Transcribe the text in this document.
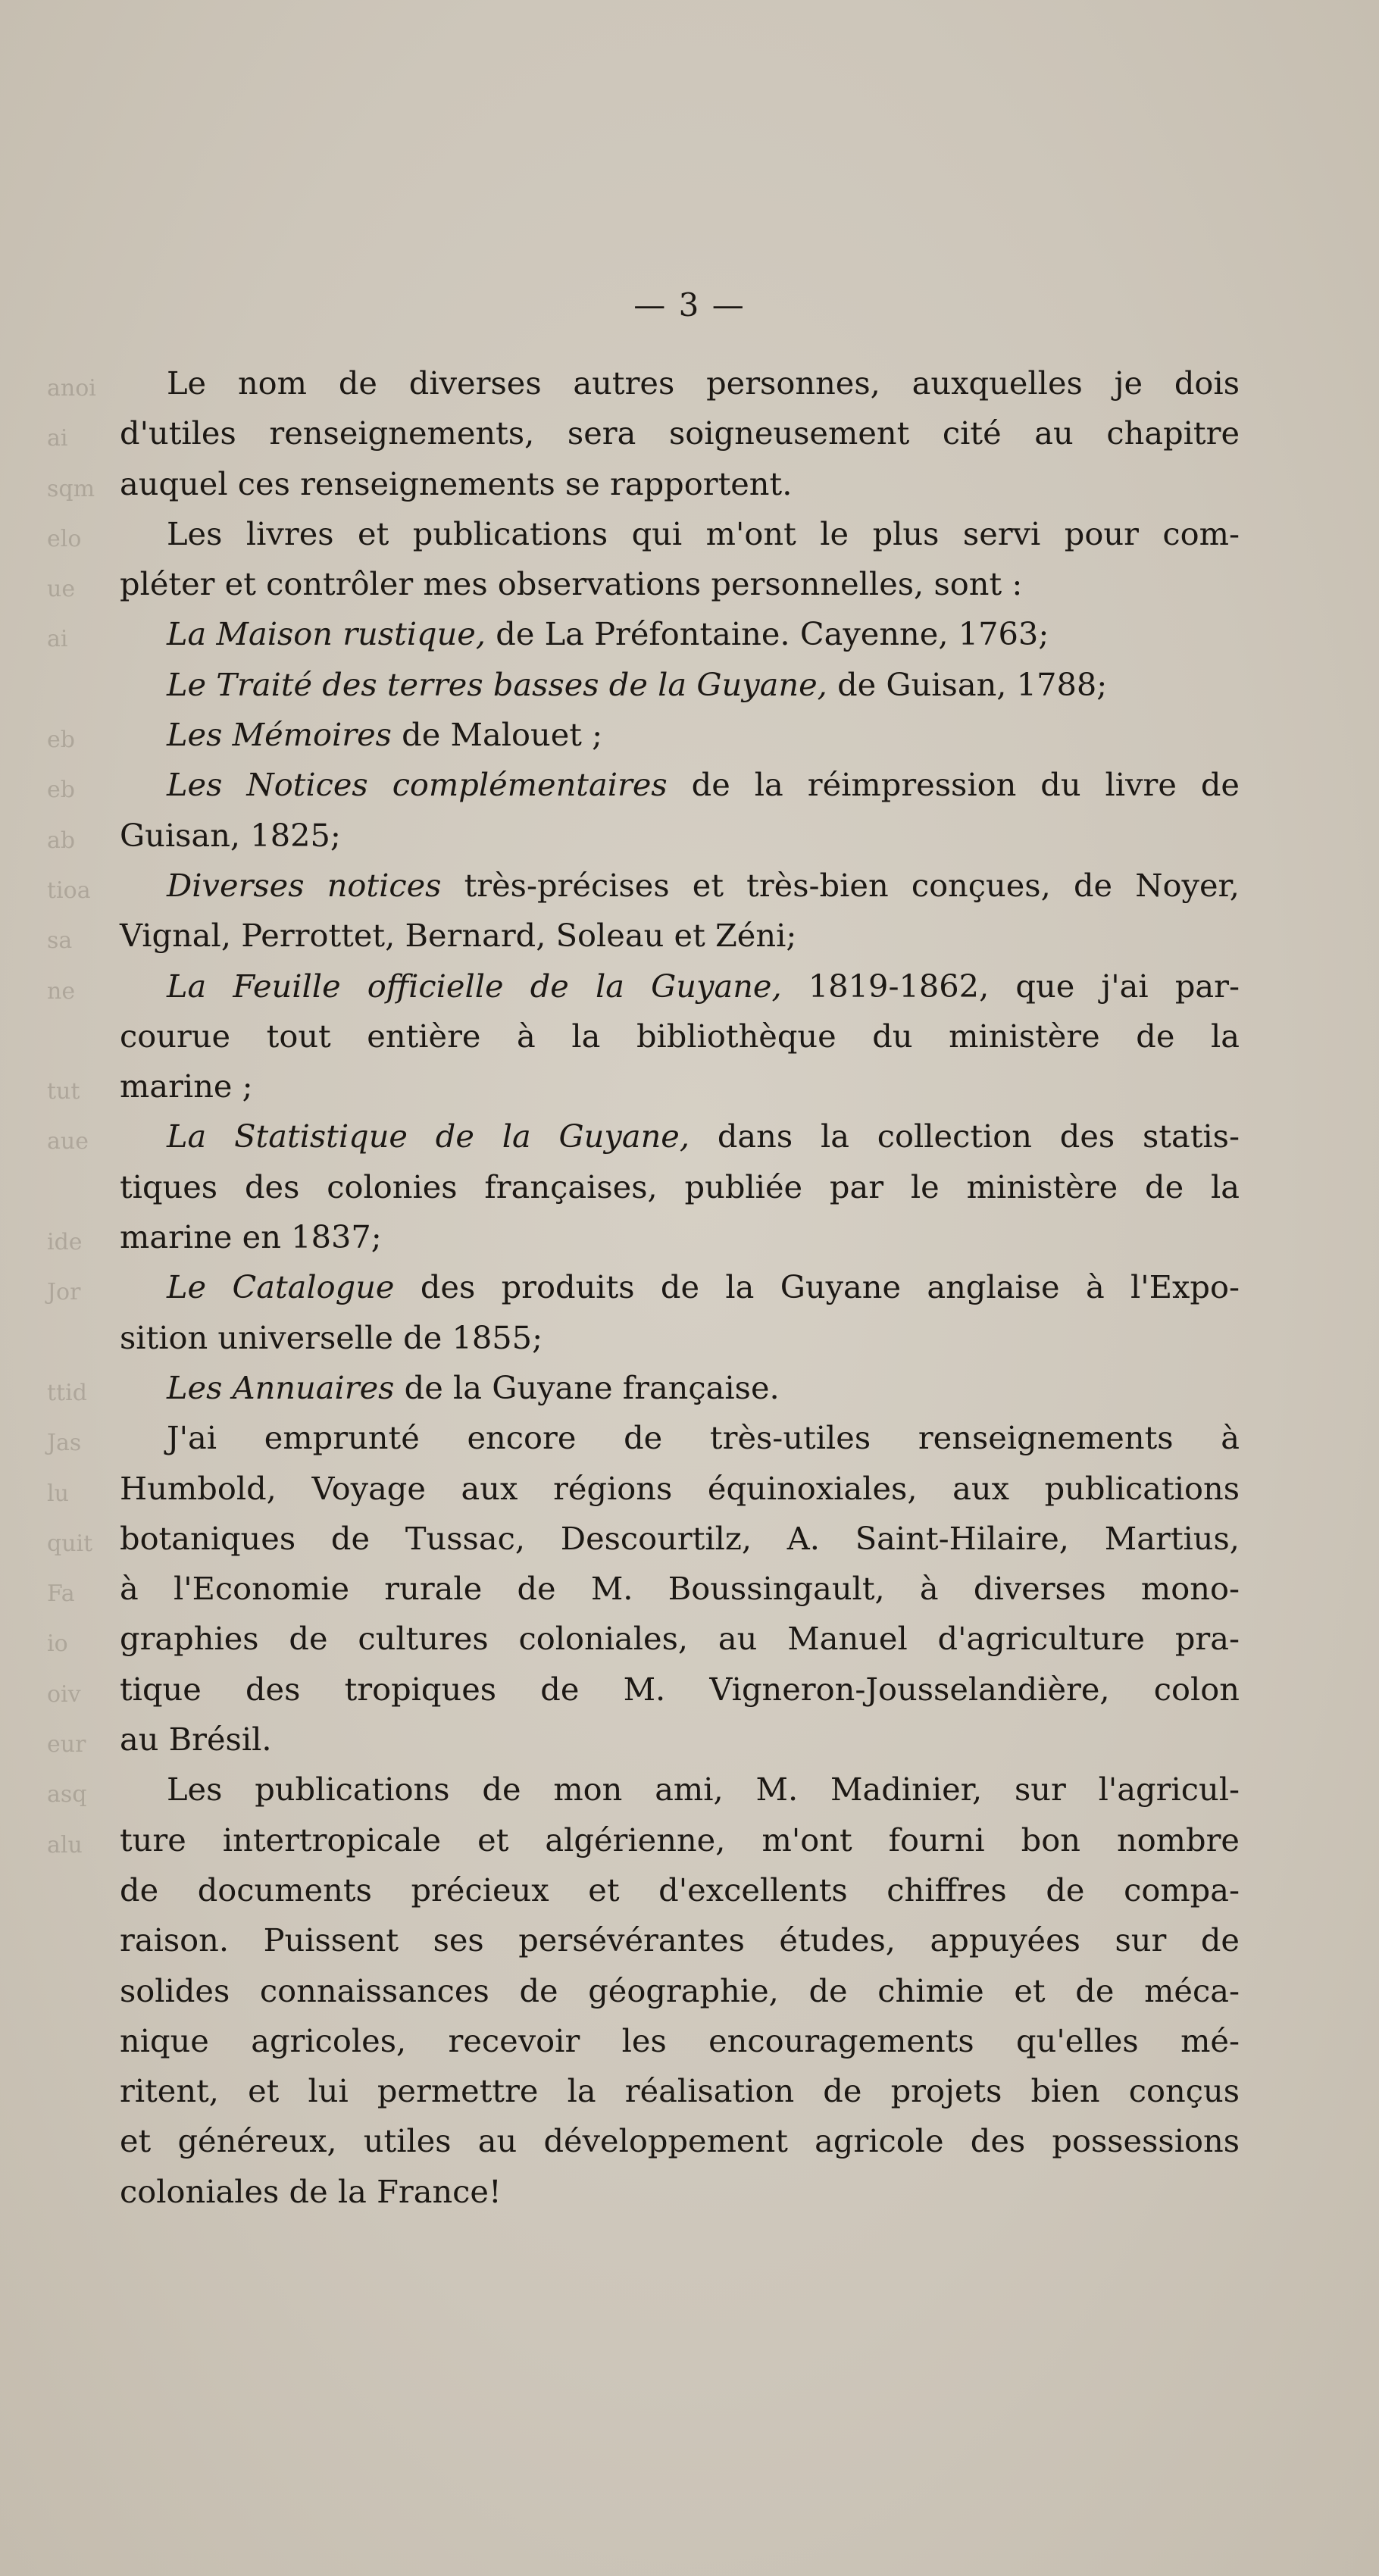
anoi
ai
sqm
elo
ue
ai

eb
eb
ab
tioa
sa
ne

tut
aue

ide
Jor

ttid
Jas
lu
quit
Fa
io
oiv
eur
asq
alu
— 3 —
Le nom de diverses autres personnes, auxquelles je dois
d'utiles renseignements, sera soigneusement cité au chapitre
auquel ces renseignements se rapportent.
Les livres et publications qui m'ont le plus servi pour com-
pléter et contrôler mes observations personnelles, sont :
La Maison rustique, de La Préfontaine. Cayenne, 1763;
Le Traité des terres basses de la Guyane, de Guisan, 1788;
Les Mémoires de Malouet ;
Les Notices complémentaires de la réimpression du livre de
Guisan, 1825;
Diverses notices très-précises et très-bien conçues, de Noyer,
Vignal, Perrottet, Bernard, Soleau et Zéni;
La Feuille officielle de la Guyane, 1819-1862, que j'ai par-
courue tout entière à la bibliothèque du ministère de la
marine ;
La Statistique de la Guyane, dans la collection des statis-
tiques des colonies françaises, publiée par le ministère de la
marine en 1837;
Le Catalogue des produits de la Guyane anglaise à l'Expo-
sition universelle de 1855;
Les Annuaires de la Guyane française.
J'ai emprunté encore de très-utiles renseignements à
Humbold, Voyage aux régions équinoxiales, aux publications
botaniques de Tussac, Descourtilz, A. Saint-Hilaire, Martius,
à l'Economie rurale de M. Boussingault, à diverses mono-
graphies de cultures coloniales, au Manuel d'agriculture pra-
tique des tropiques de M. Vigneron-Jousselandière, colon
au Brésil.
Les publications de mon ami, M. Madinier, sur l'agricul-
ture intertropicale et algérienne, m'ont fourni bon nombre
de documents précieux et d'excellents chiffres de compa-
raison. Puissent ses persévérantes études, appuyées sur de
solides connaissances de géographie, de chimie et de méca-
nique agricoles, recevoir les encouragements qu'elles mé-
ritent, et lui permettre la réalisation de projets bien conçus
et généreux, utiles au développement agricole des possessions
coloniales de la France!
